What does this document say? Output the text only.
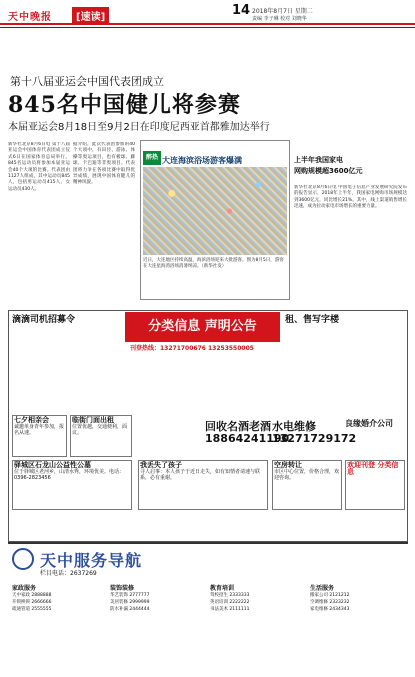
天中晚报	[速读]	14 2018年8月7日 星期二
责编 李子琳 校对 刘晓华
第十八届亚运会中国代表团成立
845名中国健儿将参赛
本届亚运会8月18日至9月2日在印度尼西亚首都雅加达举行
新华社北京8月6日电 第十八届亚运会中国体育代表团成立仪式6日在国家体育总局举行。845名运动员将参加本届亚运会40个大项的比赛。代表团由1127人组成，其中运动员845人，包括男运动员415人、女运动员430人。
据介绍，此次代表团参加的40个大项中，有田径、游泳、体操等奥运项目，也有板球、藤球、卡巴迪等非奥项目。代表团将力争在各项比赛中取得优异成绩，展现中国体育健儿的精神风貌。
醉热 大连海滨浴场游客爆满
近日，大连地区持续高温，海滨浴场迎来大批游客。图为8月5日，游客在大连星海湾浴场消暑纳凉。（新华社发）
上半年我国家电
网购规模超3600亿元
新华社北京8月6日电 中国电子信息产业发展研究院发布的报告显示，2018年上半年，我国家电网购市场规模达到3600亿元，同比增长21%。其中，线上渠道销售增长迅速，成为拉动家电市场增长的重要力量。
滴滴司机招募令	分类信息 声明公告
刊登热线：13271700676 13253550005
租、售写字楼
驿城区石龙山公益性公墓
位于驿城区老河乡，山清水秀，环境优美。电话：0396-2823456
七夕相亲会
诚邀单身青年参加，报名从速。
临街门面出租
位置优越，交通便利，面议。
空房转让
市区中心位置，价格合理，欢迎咨询。
欢迎刊登 分类信息
我丢失了孩子
寻人启事：本人孩子于近日走失，如有知情者请速与联系，必有重谢。
回收名酒老酒
18864241190
水电维修
13271729172
良缘婚介公司
天中服务导航
栏目电话：2637269
家政服务
天中家政 2888888
开锁换锁 2666666
疏通管道 2555555
装饰装修
华艺装饰 2777777
美居装修 2999999
防水补漏 2444444
教育培训
驾校招生 2333333
英语培训 2222222
书法美术 2111111
生活服务
搬家公司 2121212
空调维修 2323232
家电维修 2434343
